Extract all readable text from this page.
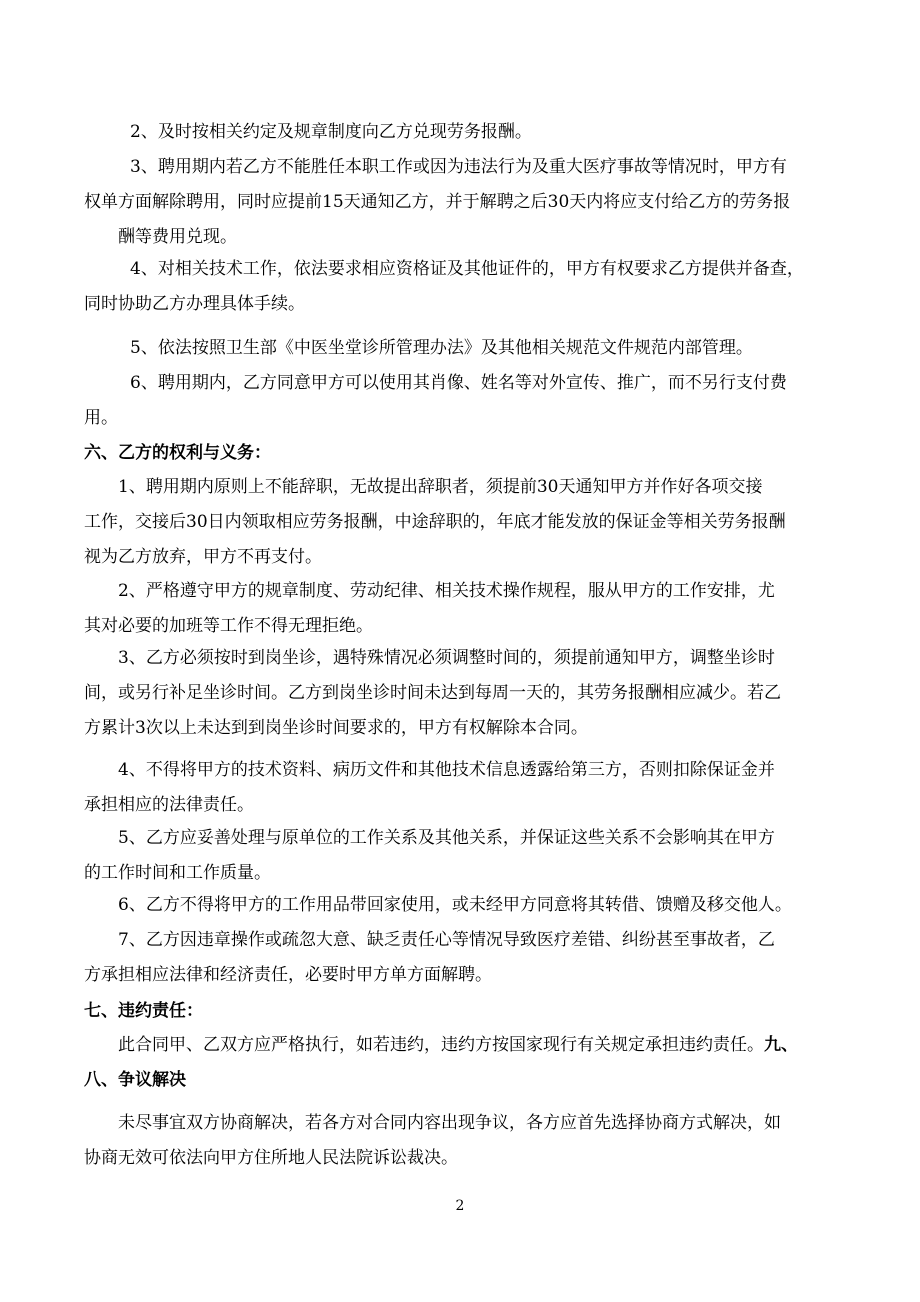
2、及时按相关约定及规章制度向乙方兑现劳务报酬。
3、聘用期内若乙方不能胜任本职工作或因为违法行为及重大医疗事故等情况时，甲方有
权单方面解除聘用，同时应提前15天通知乙方，并于解聘之后30天内将应支付给乙方的劳务报
酬等费用兑现。
4、对相关技术工作，依法要求相应资格证及其他证件的，甲方有权要求乙方提供并备查，
同时协助乙方办理具体手续。
5、依法按照卫生部《中医坐堂诊所管理办法》及其他相关规范文件规范内部管理。
6、聘用期内，乙方同意甲方可以使用其肖像、姓名等对外宣传、推广，而不另行支付费
用。
六、乙方的权利与义务：
1、聘用期内原则上不能辞职，无故提出辞职者，须提前30天通知甲方并作好各项交接
工作，交接后30日内领取相应劳务报酬，中途辞职的，年底才能发放的保证金等相关劳务报酬
视为乙方放弃，甲方不再支付。
2、严格遵守甲方的规章制度、劳动纪律、相关技术操作规程，服从甲方的工作安排，尤
其对必要的加班等工作不得无理拒绝。
3、乙方必须按时到岗坐诊，遇特殊情况必须调整时间的，须提前通知甲方，调整坐诊时
间，或另行补足坐诊时间。乙方到岗坐诊时间未达到每周一天的，其劳务报酬相应减少。若乙
方累计3次以上未达到到岗坐诊时间要求的，甲方有权解除本合同。
4、不得将甲方的技术资料、病历文件和其他技术信息透露给第三方，否则扣除保证金并
承担相应的法律责任。
5、乙方应妥善处理与原单位的工作关系及其他关系，并保证这些关系不会影响其在甲方
的工作时间和工作质量。
6、乙方不得将甲方的工作用品带回家使用，或未经甲方同意将其转借、馈赠及移交他人。
7、乙方因违章操作或疏忽大意、缺乏责任心等情况导致医疗差错、纠纷甚至事故者，乙
方承担相应法律和经济责任，必要时甲方单方面解聘。
七、违约责任：
此合同甲、乙双方应严格执行，如若违约，违约方按国家现行有关规定承担违约责任。九、
八、争议解决
未尽事宜双方协商解决，若各方对合同内容出现争议，各方应首先选择协商方式解决，如
协商无效可依法向甲方住所地人民法院诉讼裁决。
2
